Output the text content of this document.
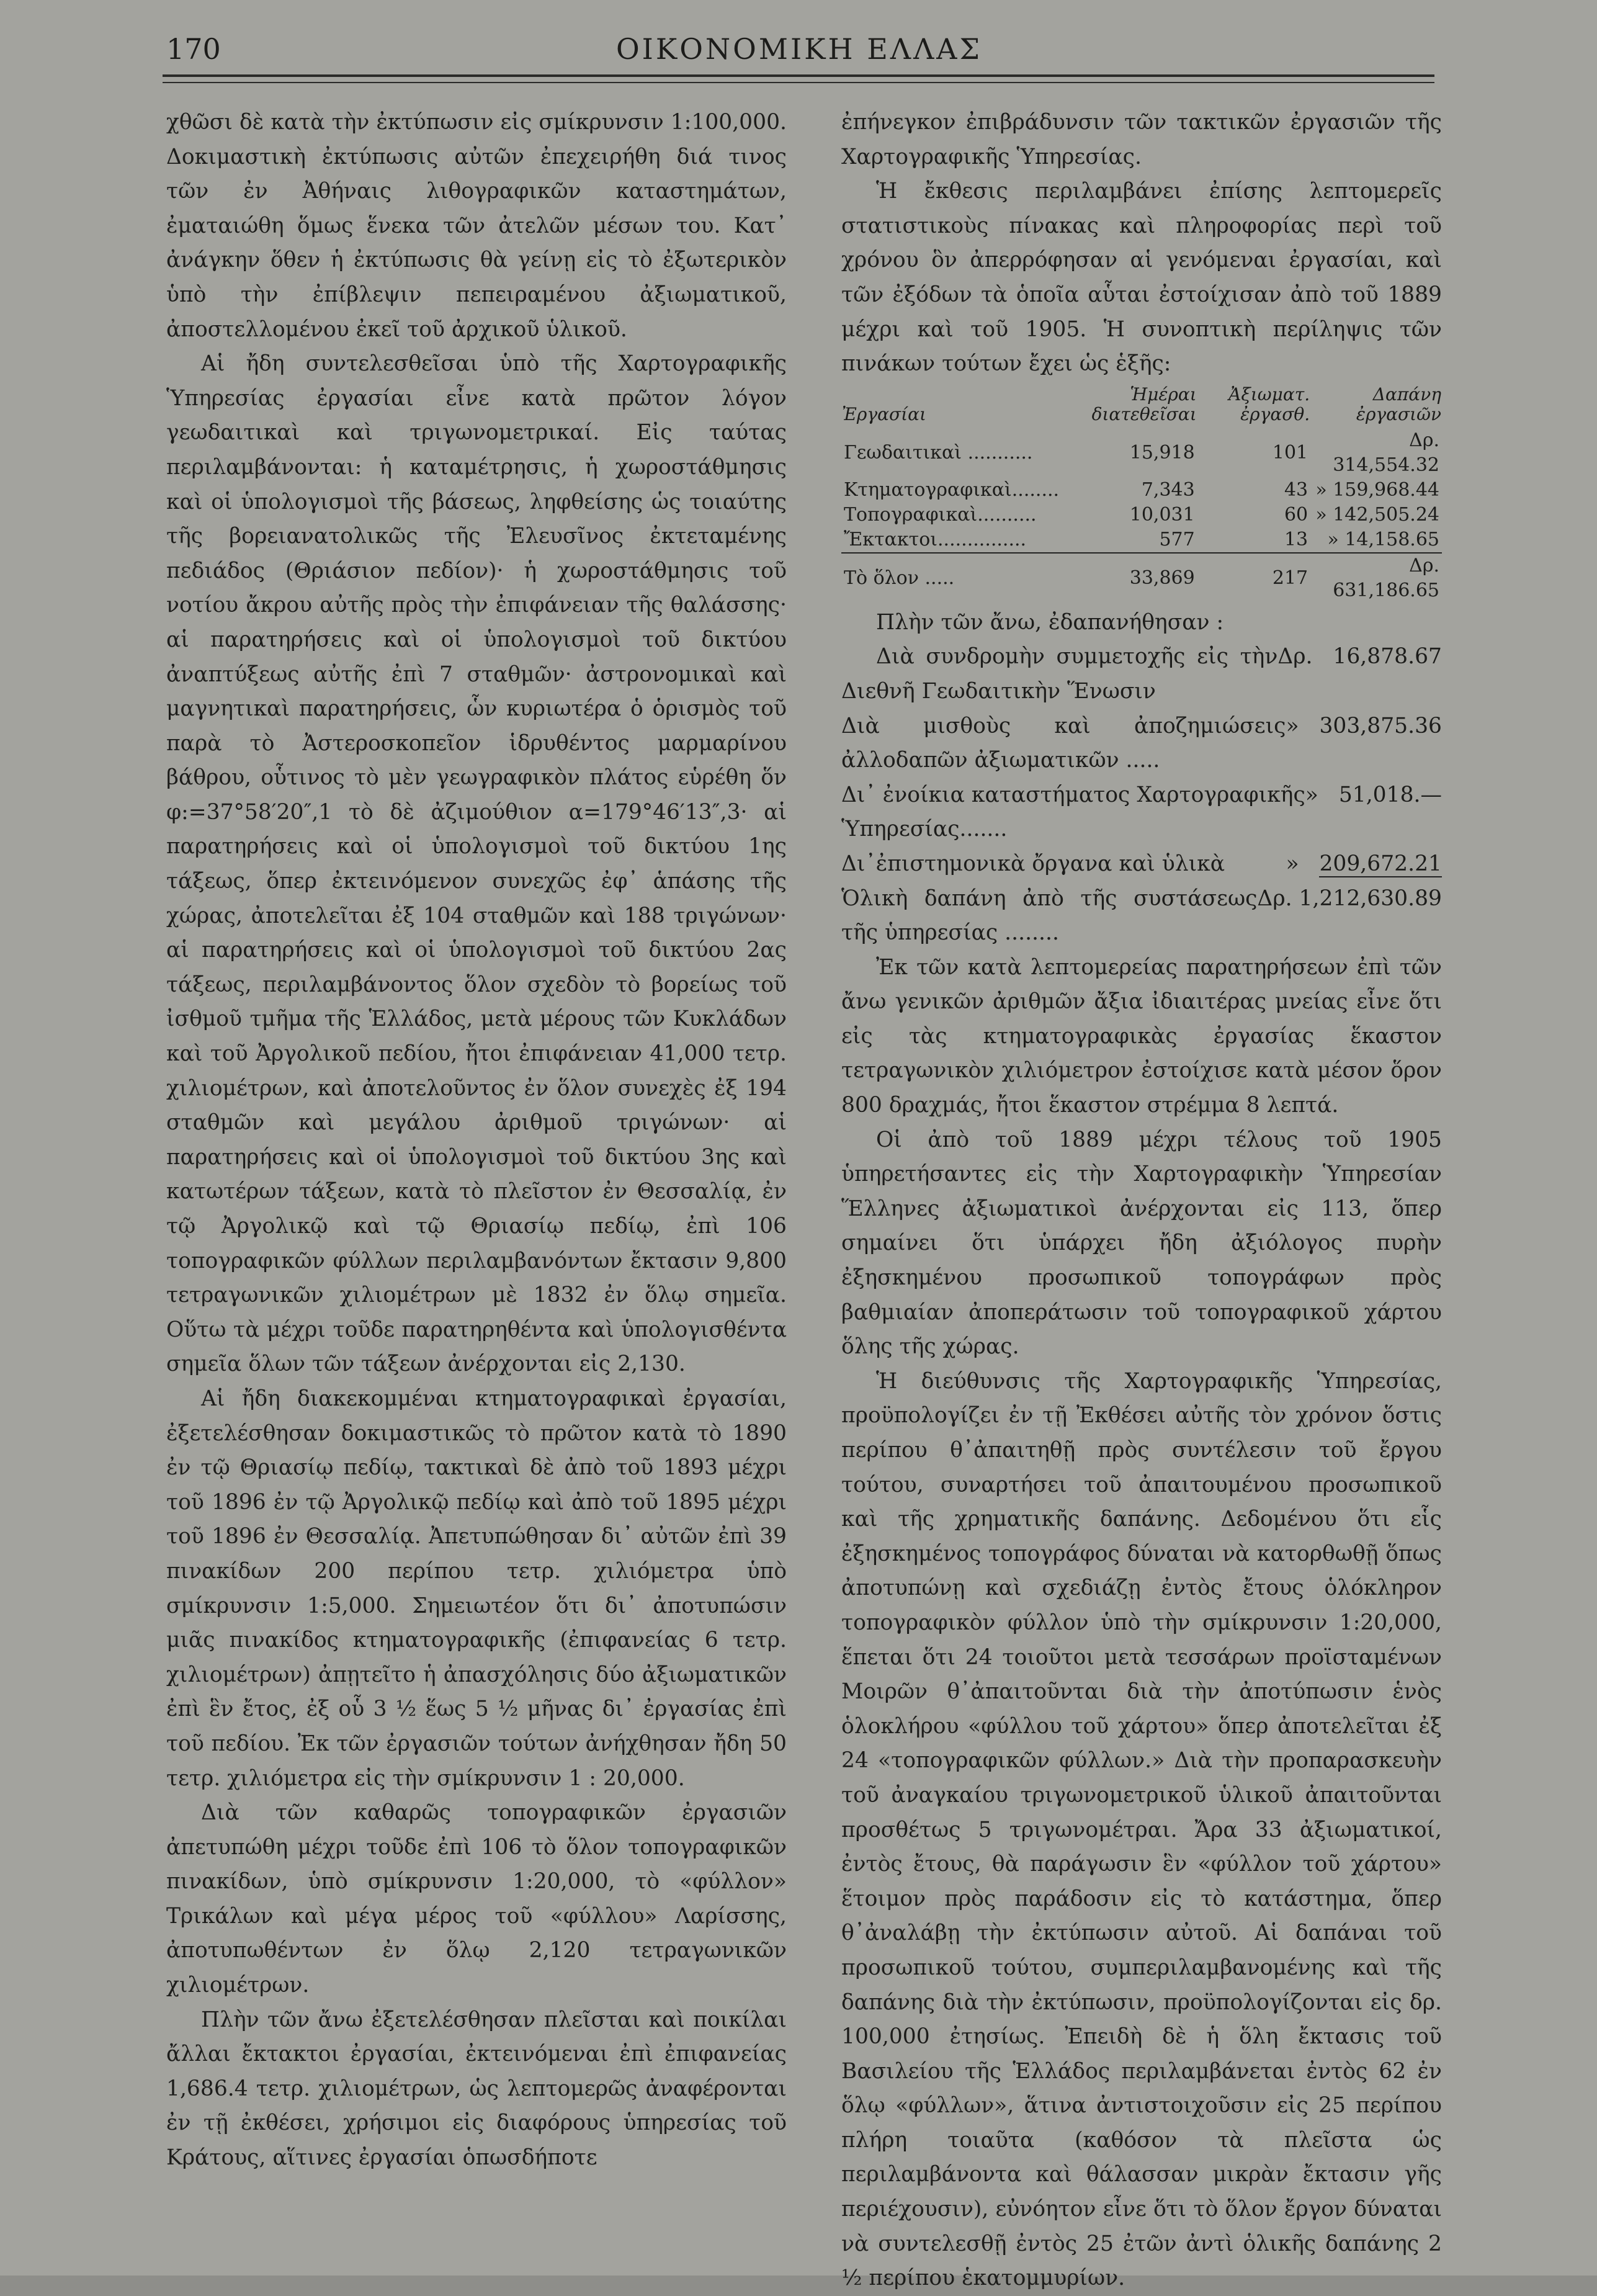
170	ΟΙΚΟΝΟΜΙΚΗ ΕΛΛΑΣ

χθῶσι δὲ κατὰ τὴν ἐκτύπωσιν εἰς σμίκρυνσιν 1:100,000. Δοκιμαστικὴ ἐκτύπωσις αὐτῶν ἐπεχειρήθη διά τινος τῶν ἐν Ἀθήναις λιθογραφικῶν καταστημάτων, ἐματαιώθη ὅμως ἕνεκα τῶν ἀτελῶν μέσων του. Κατ᾿ ἀνάγκην ὅθεν ἡ ἐκτύπωσις θὰ γείνῃ εἰς τὸ ἐξωτερικὸν ὑπὸ τὴν ἐπίβλεψιν πεπειραμένου ἀξιωματικοῦ, ἀποστελλομένου ἐκεῖ τοῦ ἀρχικοῦ ὑλικοῦ.

Αἱ ἤδη συντελεσθεῖσαι ὑπὸ τῆς Χαρτογραφικῆς Ὑπηρεσίας ἐργασίαι εἶνε κατὰ πρῶτον λόγον γεωδαιτικαὶ καὶ τριγωνομετρικαί. Εἰς ταύτας περιλαμβάνονται: ἡ καταμέτρησις, ἡ χωροστάθμησις καὶ οἱ ὑπολογισμοὶ τῆς βάσεως, ληφθείσης ὡς τοιαύτης τῆς βορειανατολικῶς τῆς Ἐλευσῖνος ἐκτεταμένης πεδιάδος (Θριάσιον πεδίον)· ἡ χωροστάθμησις τοῦ νοτίου ἄκρου αὐτῆς πρὸς τὴν ἐπιφάνειαν τῆς θαλάσσης· αἱ παρατηρήσεις καὶ οἱ ὑπολογισμοὶ τοῦ δικτύου ἀναπτύξεως αὐτῆς ἐπὶ 7 σταθμῶν· ἀστρονομικαὶ καὶ μαγνητικαὶ παρατηρήσεις, ὧν κυριωτέρα ὁ ὁρισμὸς τοῦ παρὰ τὸ Ἀστεροσκοπεῖον ἱδρυθέντος μαρμαρίνου βάθρου, οὗτινος τὸ μὲν γεωγραφικὸν πλάτος εὑρέθη ὅν φ:=37°58′20″,1 τὸ δὲ ἀζιμούθιον α=179°46′13″,3· αἱ παρατηρήσεις καὶ οἱ ὑπολογισμοὶ τοῦ δικτύου 1ης τάξεως, ὅπερ ἐκτεινόμενον συνεχῶς ἐφ᾿ ἁπάσης τῆς χώρας, ἀποτελεῖται ἐξ 104 σταθμῶν καὶ 188 τριγώνων· αἱ παρατηρήσεις καὶ οἱ ὑπολογισμοὶ τοῦ δικτύου 2ας τάξεως, περιλαμβάνοντος ὅλον σχεδὸν τὸ βορείως τοῦ ἰσθμοῦ τμῆμα τῆς Ἑλλάδος, μετὰ μέρους τῶν Κυκλάδων καὶ τοῦ Ἀργολικοῦ πεδίου, ἤτοι ἐπιφάνειαν 41,000 τετρ. χιλιομέτρων, καὶ ἀποτελοῦντος ἐν ὅλον συνεχὲς ἐξ 194 σταθμῶν καὶ μεγάλου ἀριθμοῦ τριγώνων· αἱ παρατηρήσεις καὶ οἱ ὑπολογισμοὶ τοῦ δικτύου 3ης καὶ κατωτέρων τάξεων, κατὰ τὸ πλεῖστον ἐν Θεσσαλίᾳ, ἐν τῷ Ἀργολικῷ καὶ τῷ Θριασίῳ πεδίῳ, ἐπὶ 106 τοπογραφικῶν φύλλων περιλαμβανόντων ἔκτασιν 9,800 τετραγωνικῶν χιλιομέτρων μὲ 1832 ἐν ὅλῳ σημεῖα. Οὕτω τὰ μέχρι τοῦδε παρατηρηθέντα καὶ ὑπολογισθέντα σημεῖα ὅλων τῶν τάξεων ἀνέρχονται εἰς 2,130.

Αἱ ἤδη διακεκομμέναι κτηματογραφικαὶ ἐργασίαι, ἐξετελέσθησαν δοκιμαστικῶς τὸ πρῶτον κατὰ τὸ 1890 ἐν τῷ Θριασίῳ πεδίῳ, τακτικαὶ δὲ ἀπὸ τοῦ 1893 μέχρι τοῦ 1896 ἐν τῷ Ἀργολικῷ πεδίῳ καὶ ἀπὸ τοῦ 1895 μέχρι τοῦ 1896 ἐν Θεσσαλίᾳ. Ἀπετυπώθησαν δι᾿ αὐτῶν ἐπὶ 39 πινακίδων 200 περίπου τετρ. χιλιόμετρα ὑπὸ σμίκρυνσιν 1:5,000. Σημειωτέον ὅτι δι᾿ ἀποτυπώσιν μιᾶς πινακίδος κτηματογραφικῆς (ἐπιφανείας 6 τετρ. χιλιομέτρων) ἀπῃτεῖτο ἡ ἀπασχόλησις δύο ἀξιωματικῶν ἐπὶ ἓν ἔτος, ἐξ οὗ 3 ½ ἕως 5 ½ μῆνας δι᾿ ἐργασίας ἐπὶ τοῦ πεδίου. Ἐκ τῶν ἐργασιῶν τούτων ἀνήχθησαν ἤδη 50 τετρ. χιλιόμετρα εἰς τὴν σμίκρυνσιν 1 : 20,000.

Διὰ τῶν καθαρῶς τοπογραφικῶν ἐργασιῶν ἀπετυπώθη μέχρι τοῦδε ἐπὶ 106 τὸ ὅλον τοπογραφικῶν πινακίδων, ὑπὸ σμίκρυνσιν 1:20,000, τὸ «φύλλον» Τρικάλων καὶ μέγα μέρος τοῦ «φύλλου» Λαρίσσης, ἀποτυπωθέντων ἐν ὅλῳ 2,120 τετραγωνικῶν χιλιομέτρων.

Πλὴν τῶν ἄνω ἐξετελέσθησαν πλεῖσται καὶ ποικίλαι ἄλλαι ἔκτακτοι ἐργασίαι, ἐκτεινόμεναι ἐπὶ ἐπιφανείας 1,686.4 τετρ. χιλιομέτρων, ὡς λεπτομερῶς ἀναφέρονται ἐν τῇ ἐκθέσει, χρήσιμοι εἰς διαφόρους ὑπηρεσίας τοῦ Κράτους, αἵτινες ἐργασίαι ὁπωσδήποτε

ἐπήνεγκον ἐπιβράδυνσιν τῶν τακτικῶν ἐργασιῶν τῆς Χαρτογραφικῆς Ὑπηρεσίας.

Ἡ ἔκθεσις περιλαμβάνει ἐπίσης λεπτομερεῖς στατιστικοὺς πίνακας καὶ πληροφορίας περὶ τοῦ χρόνου ὃν ἀπερρόφησαν αἱ γενόμεναι ἐργασίαι, καὶ τῶν ἐξόδων τὰ ὁποῖα αὗται ἐστοίχισαν ἀπὸ τοῦ 1889 μέχρι καὶ τοῦ 1905. Ἡ συνοπτικὴ περίληψις τῶν πινάκων τούτων ἔχει ὡς ἑξῆς:

Ἐργασίαι	Ἡμέραι διατεθεῖσαι	Ἀξιωματ. ἐργασθ.	Δαπάνη ἐργασιῶν
Γεωδαιτικαὶ ...........	15,918	101	Δρ. 314,554.32
Κτηματογραφικαὶ........	7,343	43	» 159,968.44
Τοπογραφικαὶ..........	10,031	60	» 142,505.24
Ἔκτακτοι...............	577	13	» 14,158.65
Τὸ ὅλον .....	33,869	217	Δρ. 631,186.65

Πλὴν τῶν ἄνω, ἐδαπανήθησαν :

Διὰ συνδρομὴν συμμετοχῆς εἰς τὴν Διεθνῆ Γεωδαιτικὴν Ἕνωσιν
Δρ. 16,878.67
Διὰ μισθοὺς καὶ ἀποζημιώσεις ἀλλοδαπῶν ἀξιωματικῶν .....
» 303,875.36
Δι᾿ ἐνοίκια καταστήματος Χαρτογραφικῆς Ὑπηρεσίας.......
» 51,018.—
Δι᾿ἐπιστημονικὰ ὄργανα καὶ ὑλικὰ	» 209,672.21
Ὁλικὴ δαπάνη ἀπὸ τῆς συστάσεως τῆς ὑπηρεσίας ........
Δρ. 1,212,630.89

Ἐκ τῶν κατὰ λεπτομερείας παρατηρήσεων ἐπὶ τῶν ἄνω γενικῶν ἀριθμῶν ἄξια ἰδιαιτέρας μνείας εἶνε ὅτι εἰς τὰς κτηματογραφικὰς ἐργασίας ἕκαστον τετραγωνικὸν χιλιόμετρον ἐστοίχισε κατὰ μέσον ὅρον 800 δραχμάς, ἤτοι ἕκαστον στρέμμα 8 λεπτά.

Οἱ ἀπὸ τοῦ 1889 μέχρι τέλους τοῦ 1905 ὑπηρετήσαντες εἰς τὴν Χαρτογραφικὴν Ὑπηρεσίαν Ἕλληνες ἀξιωματικοὶ ἀνέρχονται εἰς 113, ὅπερ σημαίνει ὅτι ὑπάρχει ἤδη ἀξιόλογος πυρὴν ἐξησκημένου προσωπικοῦ τοπογράφων πρὸς βαθμιαίαν ἀποπεράτωσιν τοῦ τοπογραφικοῦ χάρτου ὅλης τῆς χώρας.

Ἡ διεύθυνσις τῆς Χαρτογραφικῆς Ὑπηρεσίας, προϋπολογίζει ἐν τῇ Ἐκθέσει αὐτῆς τὸν χρόνον ὅστις περίπου θ᾿ἀπαιτηθῇ πρὸς συντέλεσιν τοῦ ἔργου τούτου, συναρτήσει τοῦ ἀπαιτουμένου προσωπικοῦ καὶ τῆς χρηματικῆς δαπάνης. Δεδομένου ὅτι εἷς ἐξησκημένος τοπογράφος δύναται νὰ κατορθωθῇ ὅπως ἀποτυπώνῃ καὶ σχεδιάζῃ ἐντὸς ἔτους ὁλόκληρον τοπογραφικὸν φύλλον ὑπὸ τὴν σμίκρυνσιν 1:20,000, ἕπεται ὅτι 24 τοιοῦτοι μετὰ τεσσάρων προϊσταμένων Μοιρῶν θ᾿ἀπαιτοῦνται διὰ τὴν ἀποτύπωσιν ἑνὸς ὁλοκλήρου «φύλλου τοῦ χάρτου» ὅπερ ἀποτελεῖται ἐξ 24 «τοπογραφικῶν φύλλων.» Διὰ τὴν προπαρασκευὴν τοῦ ἀναγκαίου τριγωνομετρικοῦ ὑλικοῦ ἀπαιτοῦνται προσθέτως 5 τριγωνομέτραι. Ἄρα 33 ἀξιωματικοί, ἐντὸς ἔτους, θὰ παράγωσιν ἓν «φύλλον τοῦ χάρτου» ἕτοιμον πρὸς παράδοσιν εἰς τὸ κατάστημα, ὅπερ θ᾿ἀναλάβῃ τὴν ἐκτύπωσιν αὐτοῦ. Αἱ δαπάναι τοῦ προσωπικοῦ τούτου, συμπεριλαμβανομένης καὶ τῆς δαπάνης διὰ τὴν ἐκτύπωσιν, προϋπολογίζονται εἰς δρ. 100,000 ἐτησίως. Ἐπειδὴ δὲ ἡ ὅλη ἔκτασις τοῦ Βασιλείου τῆς Ἑλλάδος περιλαμβάνεται ἐντὸς 62 ἐν ὅλῳ «φύλλων», ἅτινα ἀντιστοιχοῦσιν εἰς 25 περίπου πλήρη τοιαῦτα (καθόσον τὰ πλεῖστα ὡς περιλαμβάνοντα καὶ θάλασσαν μικρὰν ἔκτασιν γῆς περιέχουσιν), εὐνόητον εἶνε ὅτι τὸ ὅλον ἔργον δύναται νὰ συντελεσθῇ ἐντὸς 25 ἐτῶν ἀντὶ ὁλικῆς δαπάνης 2 ½ περίπου ἑκατομμυρίων.
